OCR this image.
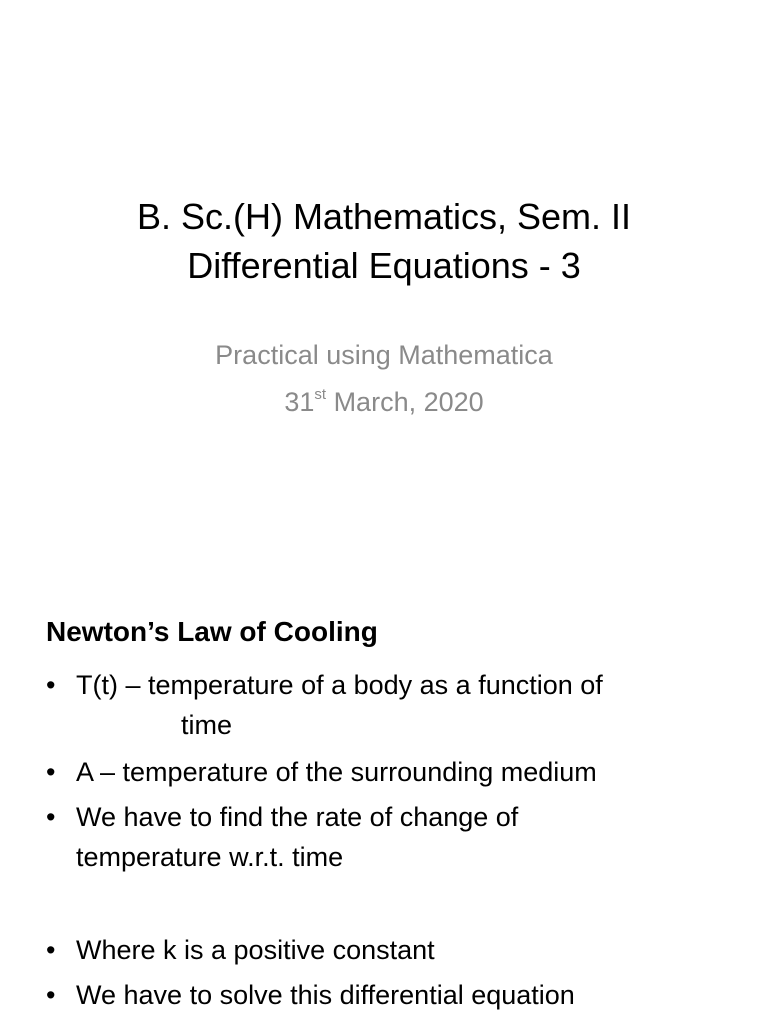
B. Sc.(H) Mathematics, Sem. II
Differential Equations - 3
Practical using Mathematica
31st March, 2020
Newton’s Law of Cooling
• T(t) – temperature of a body as a function of
time
• A – temperature of the surrounding medium
• We have to find the rate of change of
temperature w.r.t. time
• Where k is a positive constant
• We have to solve this differential equation
